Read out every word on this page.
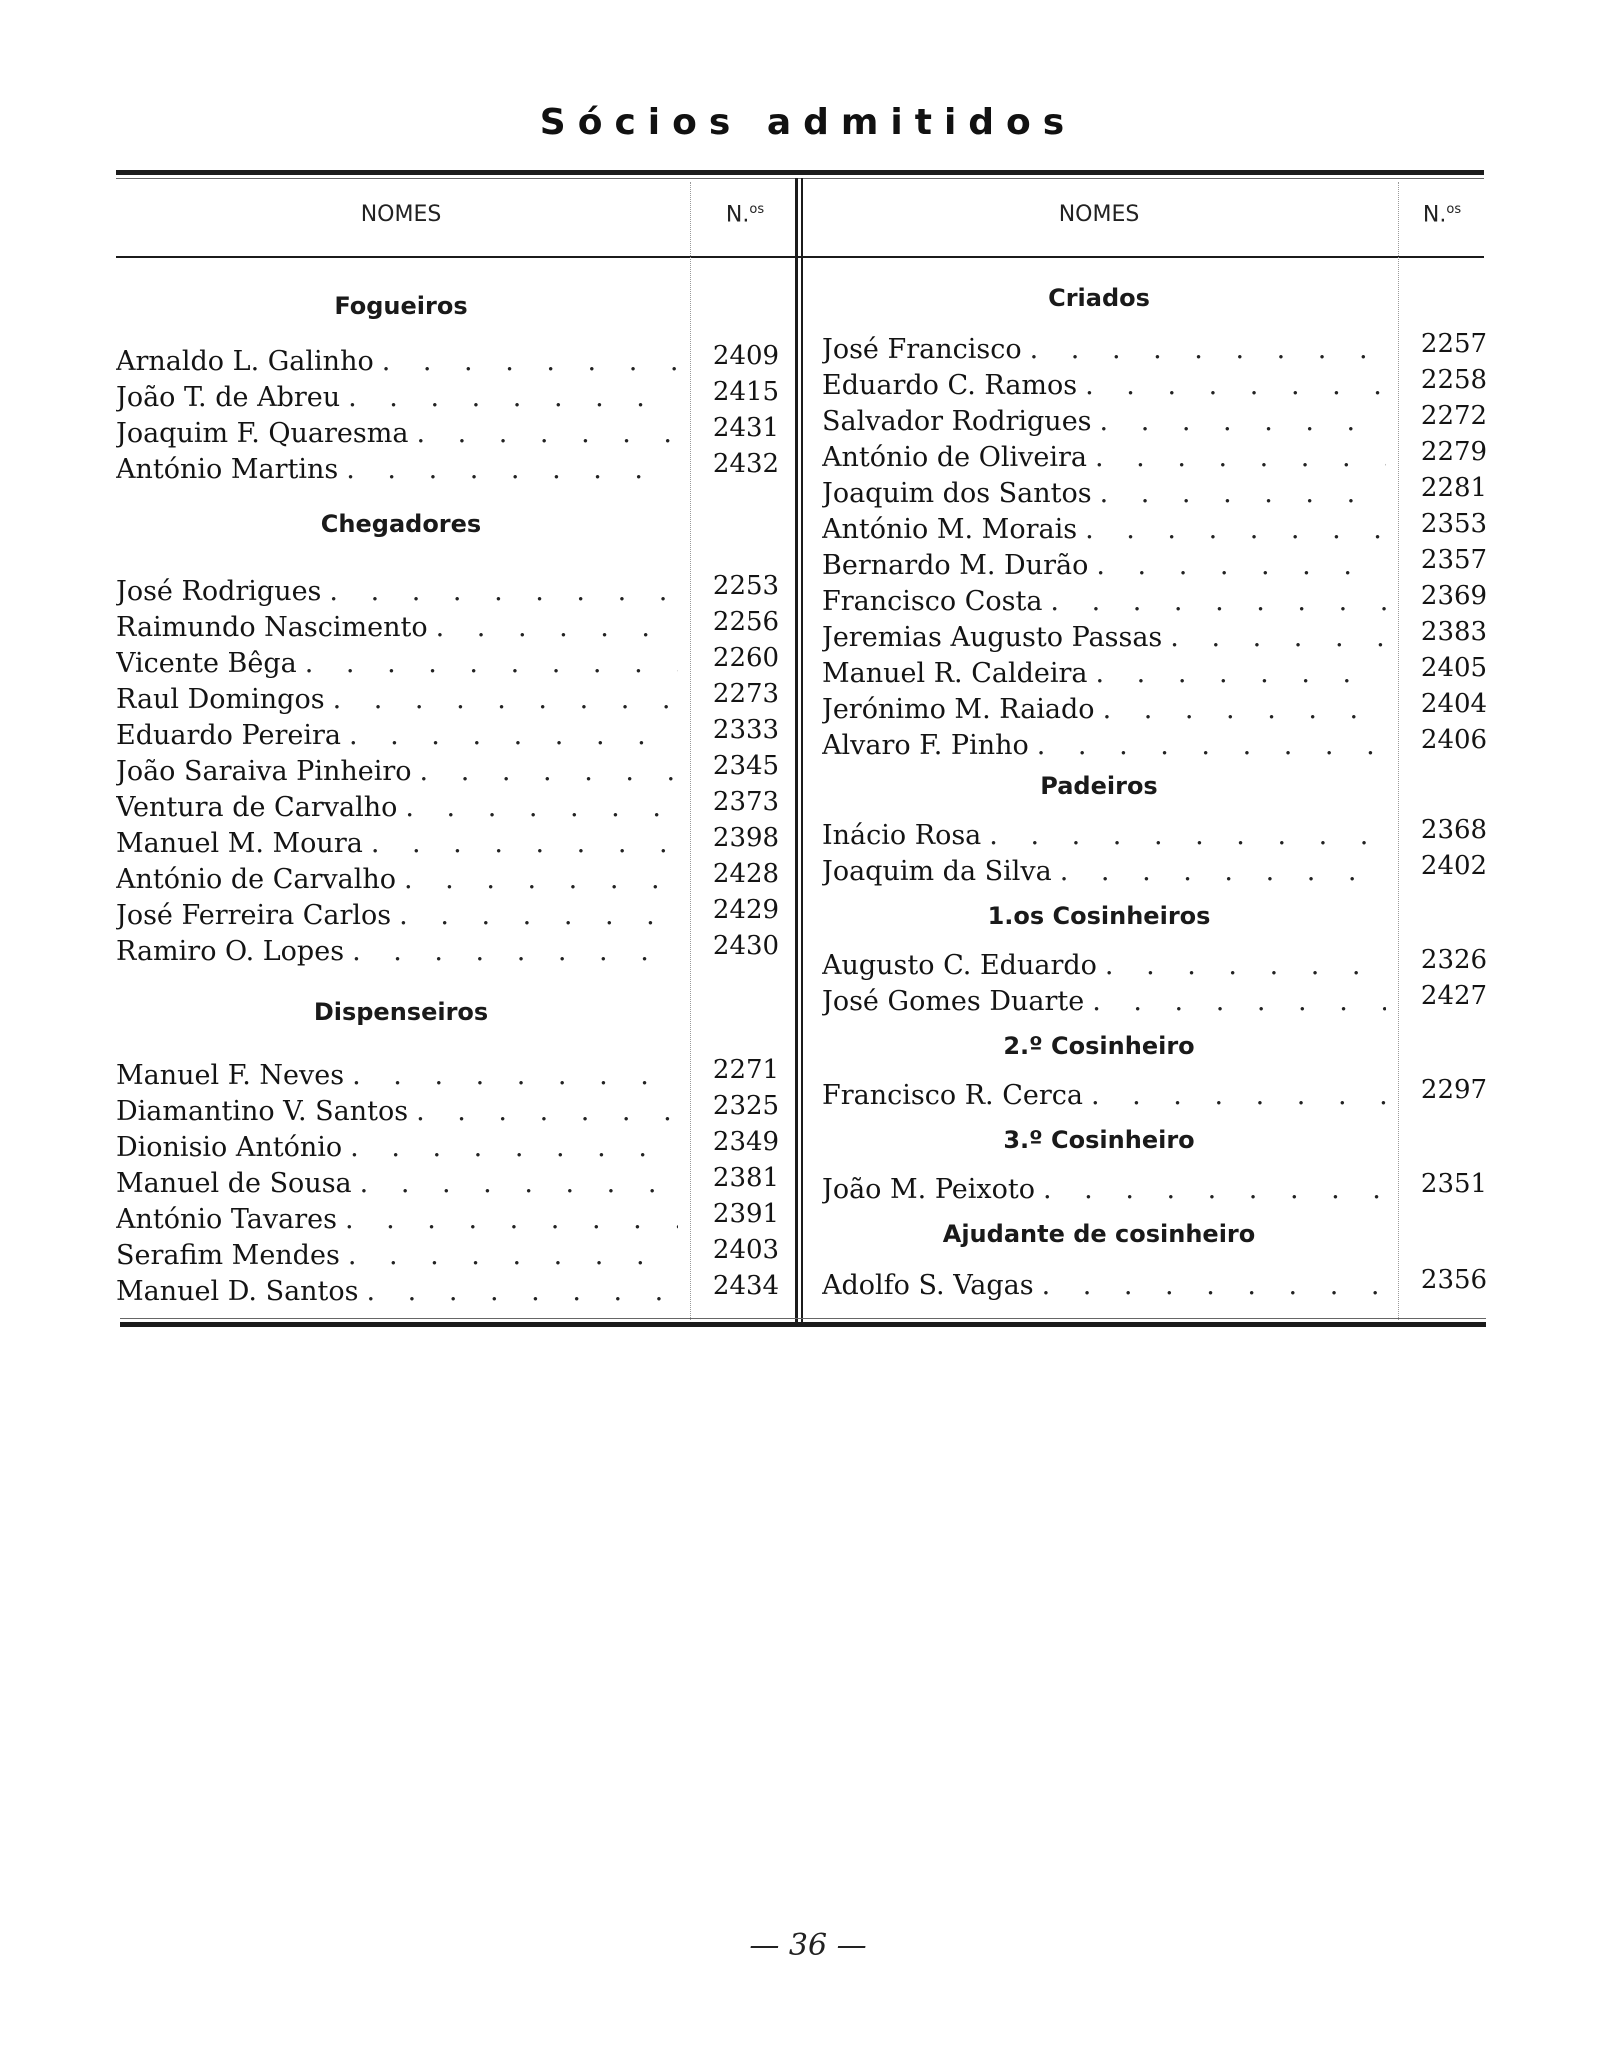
Sócios admitidos
NOMES	N.$^{os}$	NOMES	N.$^{os}$
Fogueiros
Arnaldo L. Galinho . . .	2409
João T. de Abreu . . .	2415
Joaquim F. Quaresma . . .	2431
António Martins . . .	2432
Chegadores
José Rodrigues . . .	2253
Raimundo Nascimento . . .	2256
Vicente Bêga . . .	2260
Raul Domingos . . .	2273
Eduardo Pereira . . .	2333
João Saraiva Pinheiro . . .	2345
Ventura de Carvalho . . .	2373
Manuel M. Moura . . .	2398
António de Carvalho . . .	2428
José Ferreira Carlos . . .	2429
Ramiro O. Lopes . . .	2430
Dispenseiros
Manuel F. Neves . . .	2271
Diamantino V. Santos . . .	2325
Dionisio António . . .	2349
Manuel de Sousa . . .	2381
António Tavares . . .	2391
Serafim Mendes . . .	2403
Manuel D. Santos . . .	2434
Criados
José Francisco . . .	2257
Eduardo C. Ramos . . .	2258
Salvador Rodrigues . . .	2272
António de Oliveira . . .	2279
Joaquim dos Santos . . .	2281
António M. Morais . . .	2353
Bernardo M. Durão . . .	2357
Francisco Costa . . .	2369
Jeremias Augusto Passas . . .	2383
Manuel R. Caldeira . . .	2405
Jerónimo M. Raiado . . .	2404
Alvaro F. Pinho . . .	2406
Padeiros
Inácio Rosa . . .	2368
Joaquim da Silva . . .	2402
1.os Cosinheiros
Augusto C. Eduardo . . .	2326
José Gomes Duarte . . .	2427
2.º Cosinheiro
Francisco R. Cerca . . .	2297
3.º Cosinheiro
João M. Peixoto . . .	2351
Ajudante de cosinheiro
Adolfo S. Vagas . . .	2356
— 36 —
